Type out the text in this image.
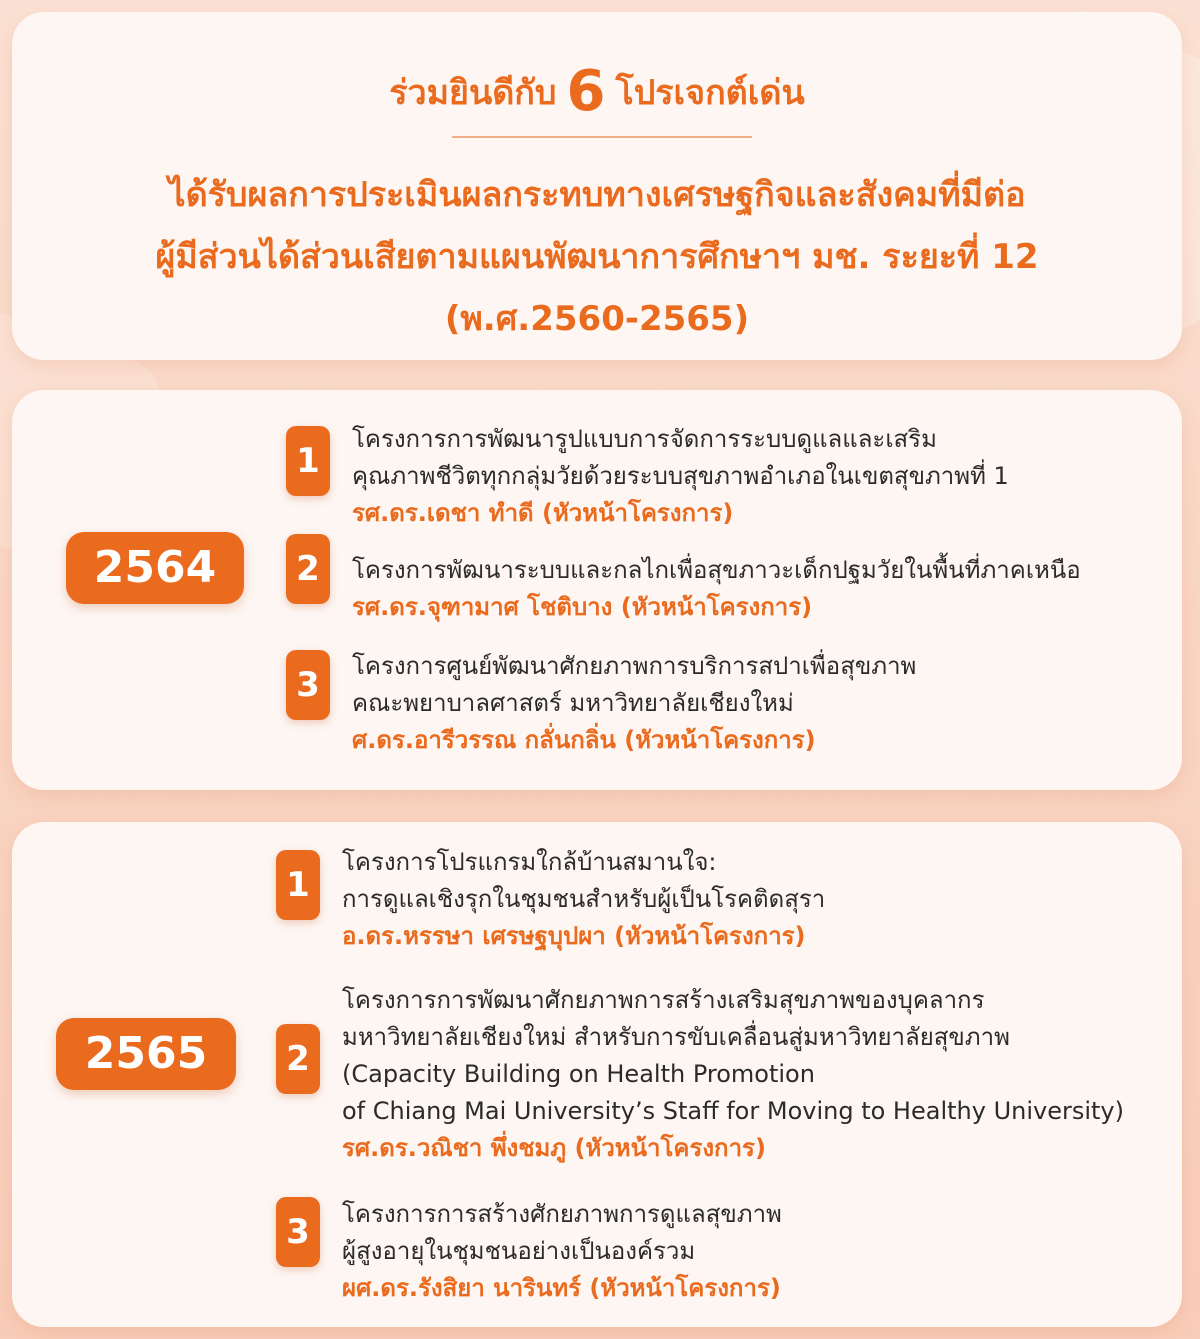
ร่วมยินดีกับ 6 โปรเจกต์เด่น
ได้รับผลการประเมินผลกระทบทางเศรษฐกิจและสังคมที่มีต่อ
ผู้มีส่วนได้ส่วนเสียตามแผนพัฒนาการศึกษาฯ มช. ระยะที่ 12
(พ.ศ.2560-2565)
2564
1
โครงการการพัฒนารูปแบบการจัดการระบบดูแลและเสริม
คุณภาพชีวิตทุกกลุ่มวัยด้วยระบบสุขภาพอำเภอในเขตสุขภาพที่ 1
รศ.ดร.เดชา ทำดี (หัวหน้าโครงการ)
2	โครงการพัฒนาระบบและกลไกเพื่อสุขภาวะเด็กปฐมวัยในพื้นที่ภาคเหนือ
รศ.ดร.จุฑามาศ โชติบาง (หัวหน้าโครงการ)
3	โครงการศูนย์พัฒนาศักยภาพการบริการสปาเพื่อสุขภาพ
คณะพยาบาลศาสตร์ มหาวิทยาลัยเชียงใหม่
ศ.ดร.อารีวรรณ กลั่นกลิ่น (หัวหน้าโครงการ)
2565
1
โครงการโปรแกรมใกล้บ้านสมานใจ:
การดูแลเชิงรุกในชุมชนสำหรับผู้เป็นโรคติดสุรา
อ.ดร.หรรษา เศรษฐบุปผา (หัวหน้าโครงการ)
2
โครงการการพัฒนาศักยภาพการสร้างเสริมสุขภาพของบุคลากร
มหาวิทยาลัยเชียงใหม่ สำหรับการขับเคลื่อนสู่มหาวิทยาลัยสุขภาพ
(Capacity Building on Health Promotion
of Chiang Mai University’s Staff for Moving to Healthy University)
รศ.ดร.วณิชา พึ่งชมภู (หัวหน้าโครงการ)
3	โครงการการสร้างศักยภาพการดูแลสุขภาพ
ผู้สูงอายุในชุมชนอย่างเป็นองค์รวม
ผศ.ดร.รังสิยา นารินทร์ (หัวหน้าโครงการ)
